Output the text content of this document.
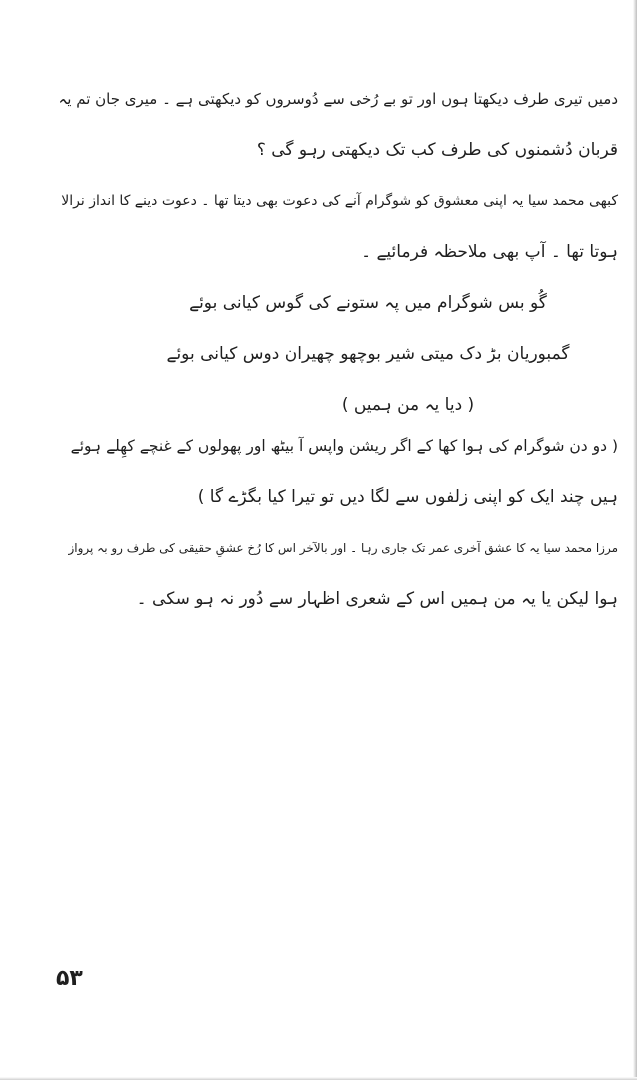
دمیں تیری طرف دیکھتا ہوں اور تو بے رُخی سے دُوسروں کو دیکھتی ہے ۔ میری جان تم یہ
قربان دُشمنوں کی طرف کب تک دیکھتی رہو گی ؟
کبھی محمد سیا یہ اپنی معشوق کو شوگرام آنے کی دعوت بھی دیتا تھا ۔ دعوت دینے کا انداز نرالا
ہوتا تھا ۔ آپ بھی ملاحظہ فرمائیے ۔
گُو بس شوگرام میں پہ ستونے کی گوس کیانی بوئے
گمبوریان بڑ دک میتی شیر بوچھو چھیران دوس کیانی بوئے
( دیا یہ من ہمیں )
( دو دن شوگرام کی ہوا کھا کے اگر ریشن واپس آ بیٹھ اور پھولوں کے غنچے کھِلے ہوئے
ہیں چند ایک کو اپنی زلفوں سے لگا دیں تو تیرا کیا بگڑے گا )
مرزا محمد سیا یہ کا عشق آخری عمر تک جاری رہا ۔ اور بالآخر اس کا رُخ عشقِ حقیقی کی طرف رو بہ پرواز
ہوا لیکن یا یہ من ہمیں اس کے شعری اظہار سے دُور نہ ہو سکی ۔
۵۳
